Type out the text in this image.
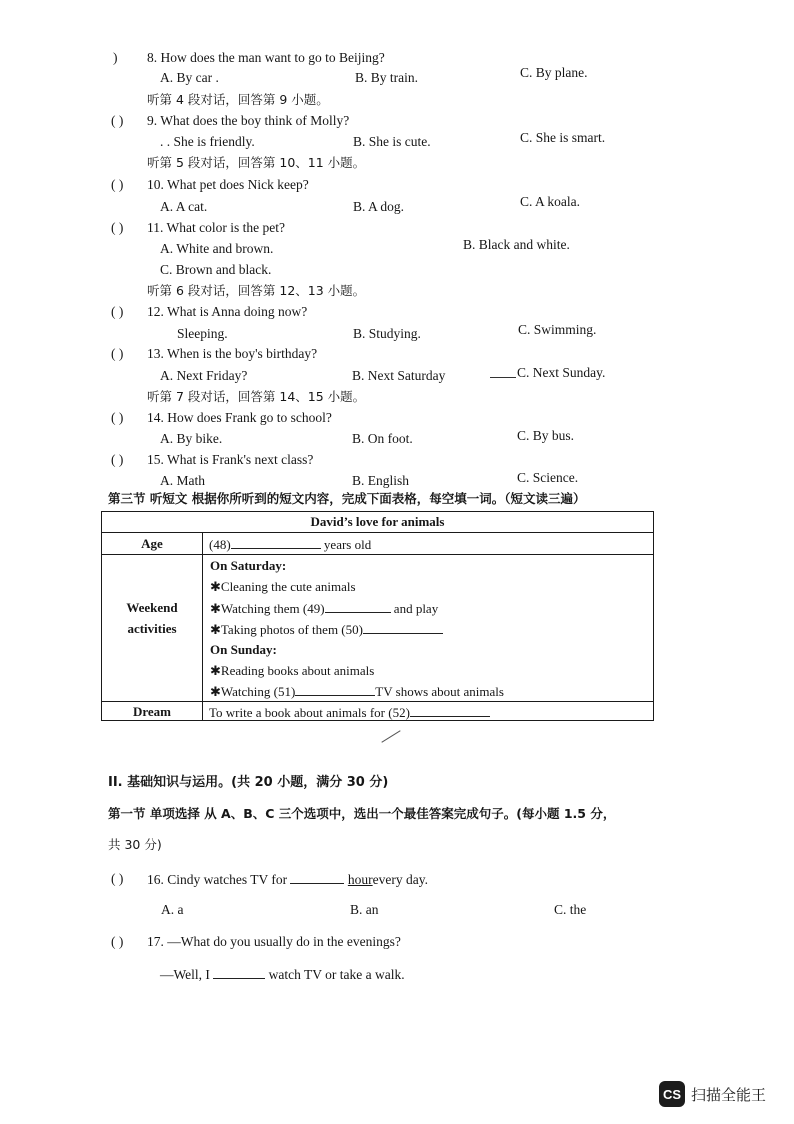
) 8. How does the man want to go to Beijing?
A. By car .	B. By train.	C. By plane.
听第 4 段对话，回答第 9 小题。
( ) 9. What does the boy think of Molly?
. . She is friendly.	B. She is cute.	C. She is smart.
听第 5 段对话，回答第 10、11 小题。
( ) 10. What pet does Nick keep?
A. A cat.	B. A dog.	C. A koala.
( ) 11. What color is the pet?
A. White and brown.	B. Black and white.
C. Brown and black.
听第 6 段对话，回答第 12、13 小题。
( ) 12. What is Anna doing now?
Sleeping.	B. Studying.	C. Swimming.
( ) 13. When is the boy's birthday?
A. Next Friday?	B. Next Saturday	C. Next Sunday.
听第 7 段对话，回答第 14、15 小题。
( ) 14. How does Frank go to school?
A. By bike.	B. On foot.	C. By bus.
( ) 15. What is Frank's next class?
A. Math	B. English	C. Science.
第三节 听短文 根据你所听到的短文内容，完成下面表格，每空填一词。（短文读三遍）
David’s love for animals
Age	(48)	years old
Weekend
activities
On Saturday:
✱Cleaning the cute animals
✱Watching them (49)	and play
✱Taking photos of them (50)
On Sunday:
✱Reading books about animals
✱Watching (51)	TV shows about animals
Dream	To write a book about animals for (52)
II. 基础知识与运用。(共 20 小题，满分 30 分)
第一节 单项选择 从 A、B、C 三个选项中，选出一个最佳答案完成句子。(每小题 1.5 分，
共 30 分)
( ) 16. Cindy watches TV for	hourevery day.
A. a	B. an	C. the
( ) 17. —What do you usually do in the evenings?
—Well, I	watch TV or take a walk.
CS 扫描全能王
